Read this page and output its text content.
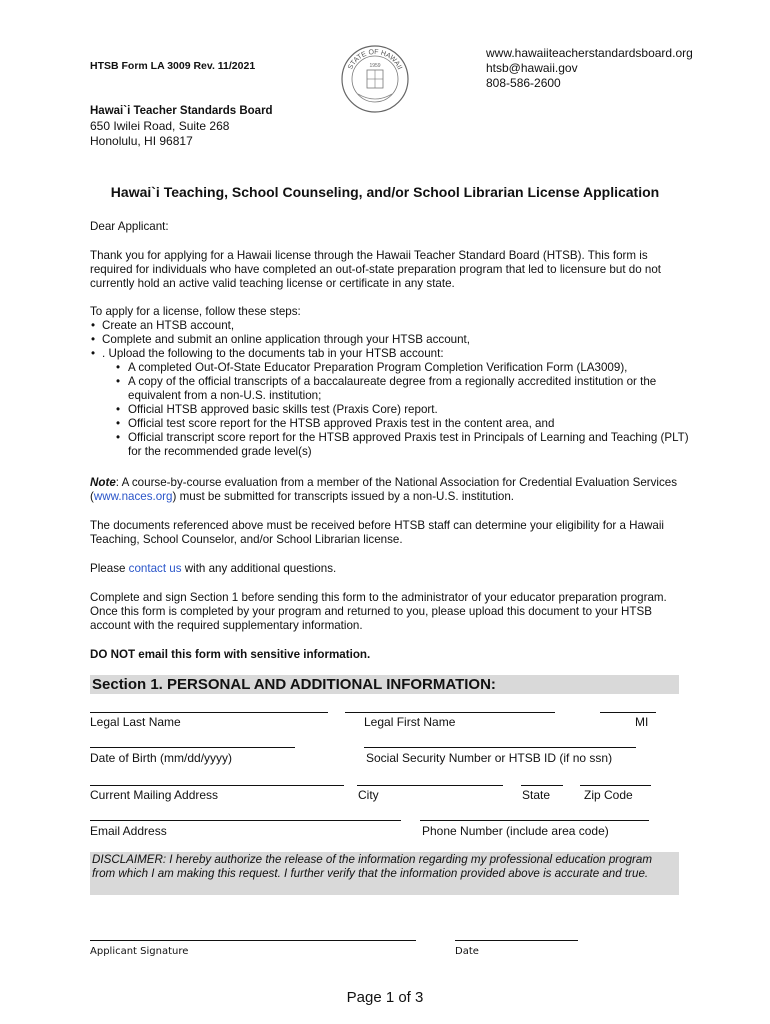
HTSB Form LA 3009 Rev. 11/2021	STATE OF HAWAII
1959
www.hawaiiteacherstandardsboard.org
htsb@hawaii.gov
808-586-2600
Hawai`i Teacher Standards Board
650 Iwilei Road, Suite 268
Honolulu, HI 96817
Hawai`i Teaching, School Counseling, and/or School Librarian License Application
Dear Applicant:
Thank you for applying for a Hawaii license through the Hawaii Teacher Standard Board (HTSB). This form is required for individuals who have completed an out-of-state preparation program that led to licensure but do not currently hold an active valid teaching license or certificate in any state.
To apply for a license, follow these steps:
• Create an HTSB account,
• Complete and submit an online application through your HTSB account,
• . Upload the following to the documents tab in your HTSB account:
• A completed Out-Of-State Educator Preparation Program Completion Verification Form (LA3009),
• A copy of the official transcripts of a baccalaureate degree from a regionally accredited institution or the equivalent from a non-U.S. institution;
• Official HTSB approved basic skills test (Praxis Core) report.
• Official test score report for the HTSB approved Praxis test in the content area, and
• Official transcript score report for the HTSB approved Praxis test in Principals of Learning and Teaching (PLT) for the recommended grade level(s)
Note: A course-by-course evaluation from a member of the National Association for Credential Evaluation Services (www.naces.org) must be submitted for transcripts issued by a non-U.S. institution.
The documents referenced above must be received before HTSB staff can determine your eligibility for a Hawaii Teaching, School Counselor, and/or School Librarian license.
Please contact us with any additional questions.
Complete and sign Section 1 before sending this form to the administrator of your educator preparation program. Once this form is completed by your program and returned to you, please upload this document to your HTSB account with the required supplementary information.
DO NOT email this form with sensitive information.
Section 1. PERSONAL AND ADDITIONAL INFORMATION:
Legal Last Name	Legal First Name	MI
Date of Birth (mm/dd/yyyy)	Social Security Number or HTSB ID (if no ssn)
Current Mailing Address	City	State	Zip Code
Email Address	Phone Number (include area code)
DISCLAIMER: I hereby authorize the release of the information regarding my professional education program from which I am making this request. I further verify that the information provided above is accurate and true.
Applicant Signature	Date
Page 1 of 3
